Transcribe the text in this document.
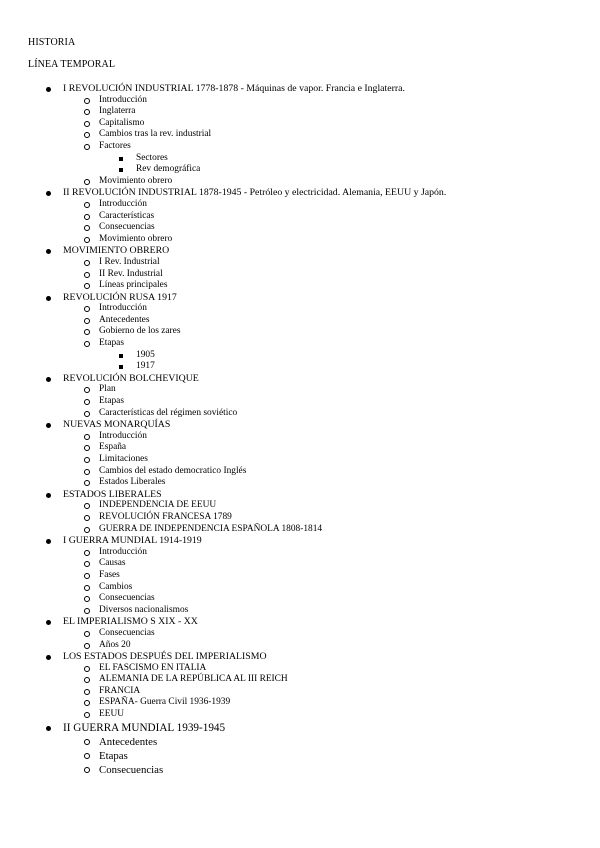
HISTORIA
LÍNEA TEMPORAL
I REVOLUCIÓN INDUSTRIAL 1778-1878 - Máquinas de vapor. Francia e Inglaterra.
Introducción
Inglaterra
Capitalismo
Cambios tras la rev. industrial
Factores
Sectores
Rev demográfica
Movimiento obrero
II REVOLUCIÓN INDUSTRIAL 1878-1945 - Petróleo y electricidad. Alemania, EEUU y Japón.
Introducción
Características
Consecuencias
Movimiento obrero
MOVIMIENTO OBRERO
I Rev. Industrial
II Rev. Industrial
Líneas principales
REVOLUCIÓN RUSA 1917
Introducción
Antecedentes
Gobierno de los zares
Etapas
1905
1917
REVOLUCIÓN BOLCHEVIQUE
Plan
Etapas
Características del régimen soviético
NUEVAS MONARQUÍAS
Introducción
España
Limitaciones
Cambios del estado democratico Inglés
Estados Liberales
ESTADOS LIBERALES
INDEPENDENCIA DE EEUU
REVOLUCIÓN FRANCESA 1789
GUERRA DE INDEPENDENCIA ESPAÑOLA 1808-1814
I GUERRA MUNDIAL 1914-1919
Introducción
Causas
Fases
Cambios
Consecuencias
Diversos nacionalismos
EL IMPERIALISMO S XIX - XX
Consecuencias
Años 20
LOS ESTADOS DESPUÉS DEL IMPERIALISMO
EL FASCISMO EN ITALIA
ALEMANIA DE LA REPÚBLICA AL III REICH
FRANCIA
ESPAÑA- Guerra Civil 1936-1939
EEUU
II GUERRA MUNDIAL 1939-1945
Antecedentes
Etapas
Consecuencias
